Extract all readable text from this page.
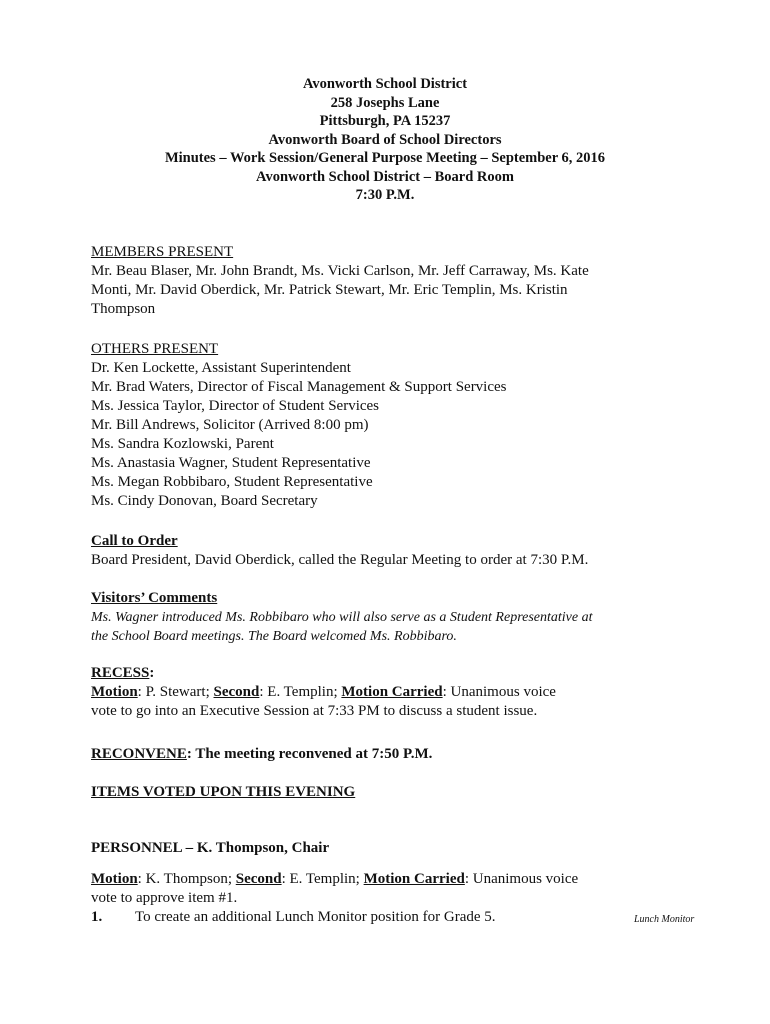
Avonworth School District
258 Josephs Lane
Pittsburgh, PA 15237
Avonworth Board of School Directors
Minutes – Work Session/General Purpose Meeting – September 6, 2016
Avonworth School District – Board Room
7:30 P.M.
MEMBERS PRESENT
Mr. Beau Blaser, Mr. John Brandt, Ms. Vicki Carlson, Mr. Jeff Carraway, Ms. Kate
Monti, Mr. David Oberdick, Mr. Patrick Stewart, Mr. Eric Templin, Ms. Kristin
Thompson
OTHERS PRESENT
Dr. Ken Lockette, Assistant Superintendent
Mr. Brad Waters, Director of Fiscal Management & Support Services
Ms. Jessica Taylor, Director of Student Services
Mr. Bill Andrews, Solicitor (Arrived 8:00 pm)
Ms. Sandra Kozlowski, Parent
Ms. Anastasia Wagner, Student Representative
Ms. Megan Robbibaro, Student Representative
Ms. Cindy Donovan, Board Secretary
Call to Order
Board President, David Oberdick, called the Regular Meeting to order at 7:30 P.M.
Visitors’ Comments
Ms. Wagner introduced Ms. Robbibaro who will also serve as a Student Representative at
the School Board meetings. The Board welcomed Ms. Robbibaro.
RECESS:
Motion: P. Stewart; Second: E. Templin; Motion Carried: Unanimous voice
vote to go into an Executive Session at 7:33 PM to discuss a student issue.
RECONVENE: The meeting reconvened at 7:50 P.M.
ITEMS VOTED UPON THIS EVENING
PERSONNEL – K. Thompson, Chair
Motion: K. Thompson; Second: E. Templin; Motion Carried: Unanimous voice
vote to approve item #1.
1. To create an additional Lunch Monitor position for Grade 5.	Lunch Monitor
